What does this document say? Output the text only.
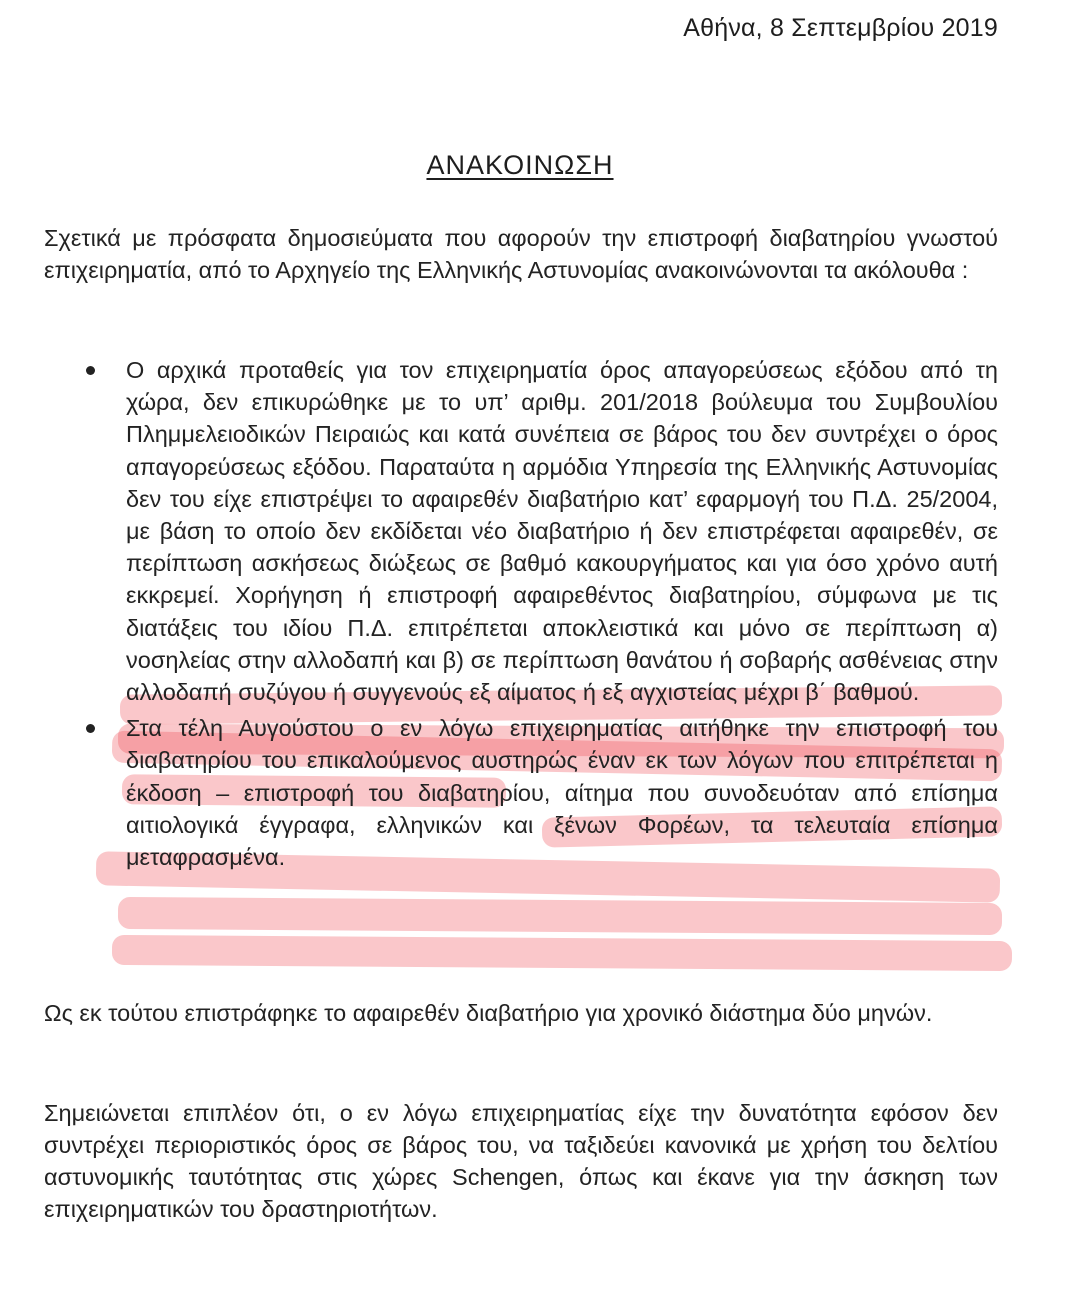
Αθήνα, 8 Σεπτεμβρίου 2019
ΑΝΑΚΟΙΝΩΣΗ
Σχετικά με πρόσφατα δημοσιεύματα που αφορούν την επιστροφή διαβατηρίου γνωστού επιχειρηματία, από το Αρχηγείο της Ελληνικής Αστυνομίας ανακοινώνονται τα ακόλουθα :
Ο αρχικά προταθείς για τον επιχειρηματία όρος απαγορεύσεως εξόδου από τη χώρα, δεν επικυρώθηκε με το υπ’ αριθμ. 201/2018 βούλευμα του Συμβουλίου Πλημμελειοδικών Πειραιώς και κατά συνέπεια σε βάρος του δεν συντρέχει ο όρος απαγορεύσεως εξόδου. Παραταύτα η αρμόδια Υπηρεσία της Ελληνικής Αστυνομίας δεν του είχε επιστρέψει το αφαιρεθέν διαβατήριο κατ’ εφαρμογή του Π.Δ. 25/2004, με βάση το οποίο δεν εκδίδεται νέο διαβατήριο ή δεν επιστρέφεται αφαιρεθέν, σε περίπτωση ασκήσεως διώξεως σε βαθμό κακουργήματος και για όσο χρόνο αυτή εκκρεμεί. Χορήγηση ή επιστροφή αφαιρεθέντος διαβατηρίου, σύμφωνα με τις διατάξεις του ιδίου Π.Δ. επιτρέπεται αποκλειστικά και μόνο σε περίπτωση α) νοσηλείας στην αλλοδαπή και β) σε περίπτωση θανάτου ή σοβαρής ασθένειας στην αλλοδαπή συζύγου ή συγγενούς εξ αίματος ή εξ αγχιστείας μέχρι β΄ βαθμού.
Στα τέλη Αυγούστου ο εν λόγω επιχειρηματίας αιτήθηκε την επιστροφή του διαβατηρίου του επικαλούμενος αυστηρώς έναν εκ των λόγων που επιτρέπεται η έκδοση – επιστροφή του διαβατηρίου, αίτημα που συνοδευόταν από επίσημα αιτιολογικά έγγραφα, ελληνικών και ξένων Φορέων, τα τελευταία επίσημα μεταφρασμένα.
Ως εκ τούτου επιστράφηκε το αφαιρεθέν διαβατήριο για χρονικό διάστημα δύο μηνών.
Σημειώνεται επιπλέον ότι, ο εν λόγω επιχειρηματίας είχε την δυνατότητα εφόσον δεν συντρέχει περιοριστικός όρος σε βάρος του, να ταξιδεύει κανονικά με χρήση του δελτίου αστυνομικής ταυτότητας στις χώρες Schengen, όπως και έκανε για την άσκηση των επιχειρηματικών του δραστηριοτήτων.
